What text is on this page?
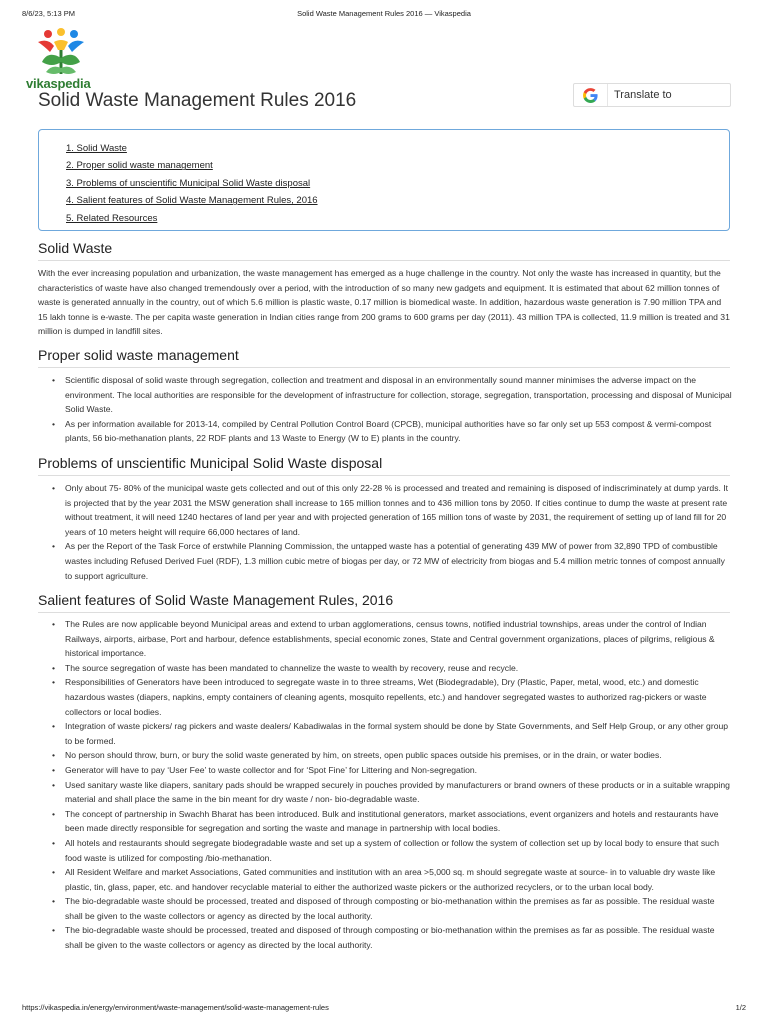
8/6/23, 5:13 PM	Solid Waste Management Rules 2016 — Vikaspedia
vikaspedia
Solid Waste Management Rules 2016	Translate to
1. Solid Waste
2. Proper solid waste management
3. Problems of unscientific Municipal Solid Waste disposal
4. Salient features of Solid Waste Management Rules, 2016
5. Related Resources
Solid Waste

With the ever increasing population and urbanization, the waste management has emerged as a huge challenge in the country. Not only the waste has increased in quantity, but the characteristics of waste have also changed tremendously over a period, with the introduction of so many new gadgets and equipment. It is estimated that about 62 million tonnes of waste is generated annually in the country, out of which 5.6 million is plastic waste, 0.17 million is biomedical waste. In addition, hazardous waste generation is 7.90 million TPA and 15 lakh tonne is e-waste. The per capita waste generation in Indian cities range from 200 grams to 600 grams per day (2011). 43 million TPA is collected, 11.9 million is treated and 31 million is dumped in landfill sites.

Proper solid waste management
• Scientific disposal of solid waste through segregation, collection and treatment and disposal in an environmentally sound manner minimises the adverse impact on the environment. The local authorities are responsible for the development of infrastructure for collection, storage, segregation, transportation, processing and disposal of Municipal Solid Waste.
• As per information available for 2013-14, compiled by Central Pollution Control Board (CPCB), municipal authorities have so far only set up 553 compost & vermi-compost plants, 56 bio-methanation plants, 22 RDF plants and 13 Waste to Energy (W to E) plants in the country.
Problems of unscientific Municipal Solid Waste disposal
• Only about 75- 80% of the municipal waste gets collected and out of this only 22-28 % is processed and treated and remaining is disposed of indiscriminately at dump yards. It is projected that by the year 2031 the MSW generation shall increase to 165 million tonnes and to 436 million tons by 2050. If cities continue to dump the waste at present rate without treatment, it will need 1240 hectares of land per year and with projected generation of 165 million tons of waste by 2031, the requirement of setting up of land fill for 20 years of 10 meters height will require 66,000 hectares of land.
• As per the Report of the Task Force of erstwhile Planning Commission, the untapped waste has a potential of generating 439 MW of power from 32,890 TPD of combustible wastes including Refused Derived Fuel (RDF), 1.3 million cubic metre of biogas per day, or 72 MW of electricity from biogas and 5.4 million metric tonnes of compost annually to support agriculture.
Salient features of Solid Waste Management Rules, 2016
• The Rules are now applicable beyond Municipal areas and extend to urban agglomerations, census towns, notified industrial townships, areas under the control of Indian Railways, airports, airbase, Port and harbour, defence establishments, special economic zones, State and Central government organizations, places of pilgrims, religious & historical importance.
• The source segregation of waste has been mandated to channelize the waste to wealth by recovery, reuse and recycle.
• Responsibilities of Generators have been introduced to segregate waste in to three streams, Wet (Biodegradable), Dry (Plastic, Paper, metal, wood, etc.) and domestic hazardous wastes (diapers, napkins, empty containers of cleaning agents, mosquito repellents, etc.) and handover segregated wastes to authorized rag-pickers or waste collectors or local bodies.
• Integration of waste pickers/ rag pickers and waste dealers/ Kabadiwalas in the formal system should be done by State Governments, and Self Help Group, or any other group to be formed.
• No person should throw, burn, or bury the solid waste generated by him, on streets, open public spaces outside his premises, or in the drain, or water bodies.
• Generator will have to pay ‘User Fee’ to waste collector and for ‘Spot Fine’ for Littering and Non-segregation.
• Used sanitary waste like diapers, sanitary pads should be wrapped securely in pouches provided by manufacturers or brand owners of these products or in a suitable wrapping material and shall place the same in the bin meant for dry waste / non- bio-degradable waste.
• The concept of partnership in Swachh Bharat has been introduced. Bulk and institutional generators, market associations, event organizers and hotels and restaurants have been made directly responsible for segregation and sorting the waste and manage in partnership with local bodies.
• All hotels and restaurants should segregate biodegradable waste and set up a system of collection or follow the system of collection set up by local body to ensure that such food waste is utilized for composting /bio-methanation.
• All Resident Welfare and market Associations, Gated communities and institution with an area >5,000 sq. m should segregate waste at source- in to valuable dry waste like plastic, tin, glass, paper, etc. and handover recyclable material to either the authorized waste pickers or the authorized recyclers, or to the urban local body.
• The bio-degradable waste should be processed, treated and disposed of through composting or bio-methanation within the premises as far as possible. The residual waste shall be given to the waste collectors or agency as directed by the local authority.
• The bio-degradable waste should be processed, treated and disposed of through composting or bio-methanation within the premises as far as possible. The residual waste shall be given to the waste collectors or agency as directed by the local authority.
https://vikaspedia.in/energy/environment/waste-management/solid-waste-management-rules	1/2
